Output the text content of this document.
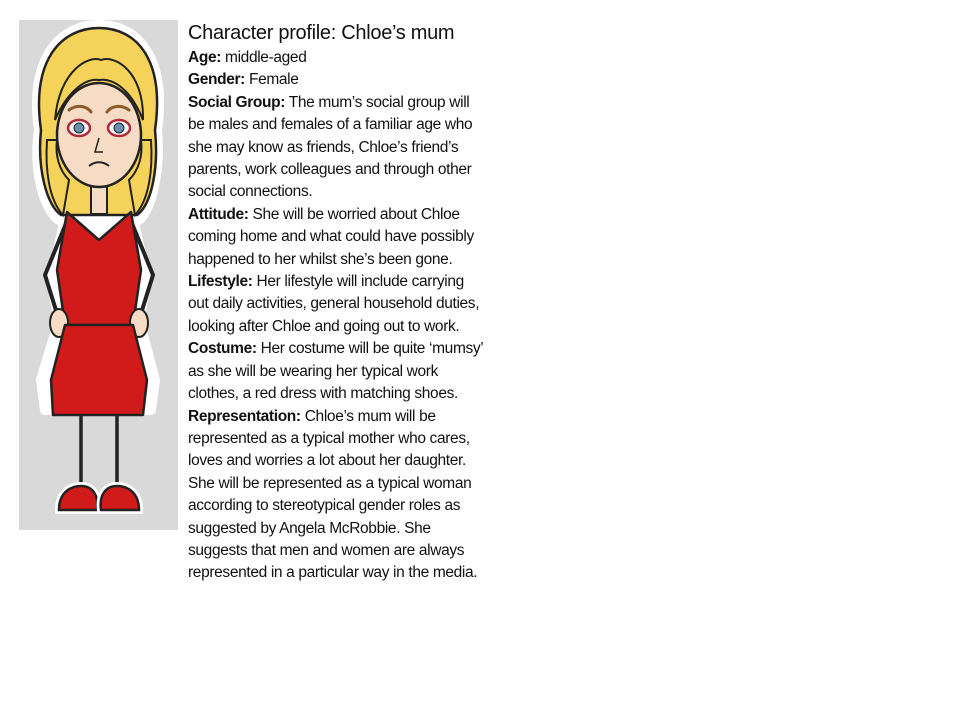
Character profile: Chloe’s mum

Age: middle-aged

Gender: Female

Social Group: The mum’s social group will be males and females of a familiar age who she may know as friends, Chloe’s friend’s parents, work colleagues and through other social connections.

Attitude: She will be worried about Chloe coming home and what could have possibly happened to her whilst she’s been gone.

Lifestyle: Her lifestyle will include carrying out daily activities, general household duties, looking after Chloe and going out to work.

Costume: Her costume will be quite ‘mumsy’ as she will be wearing her typical work clothes, a red dress with matching shoes.

Representation: Chloe’s mum will be represented as a typical mother who cares, loves and worries a lot about her daughter. She will be represented as a typical woman according to stereotypical gender roles as suggested by Angela McRobbie. She suggests that men and women are always represented in a particular way in the media.
